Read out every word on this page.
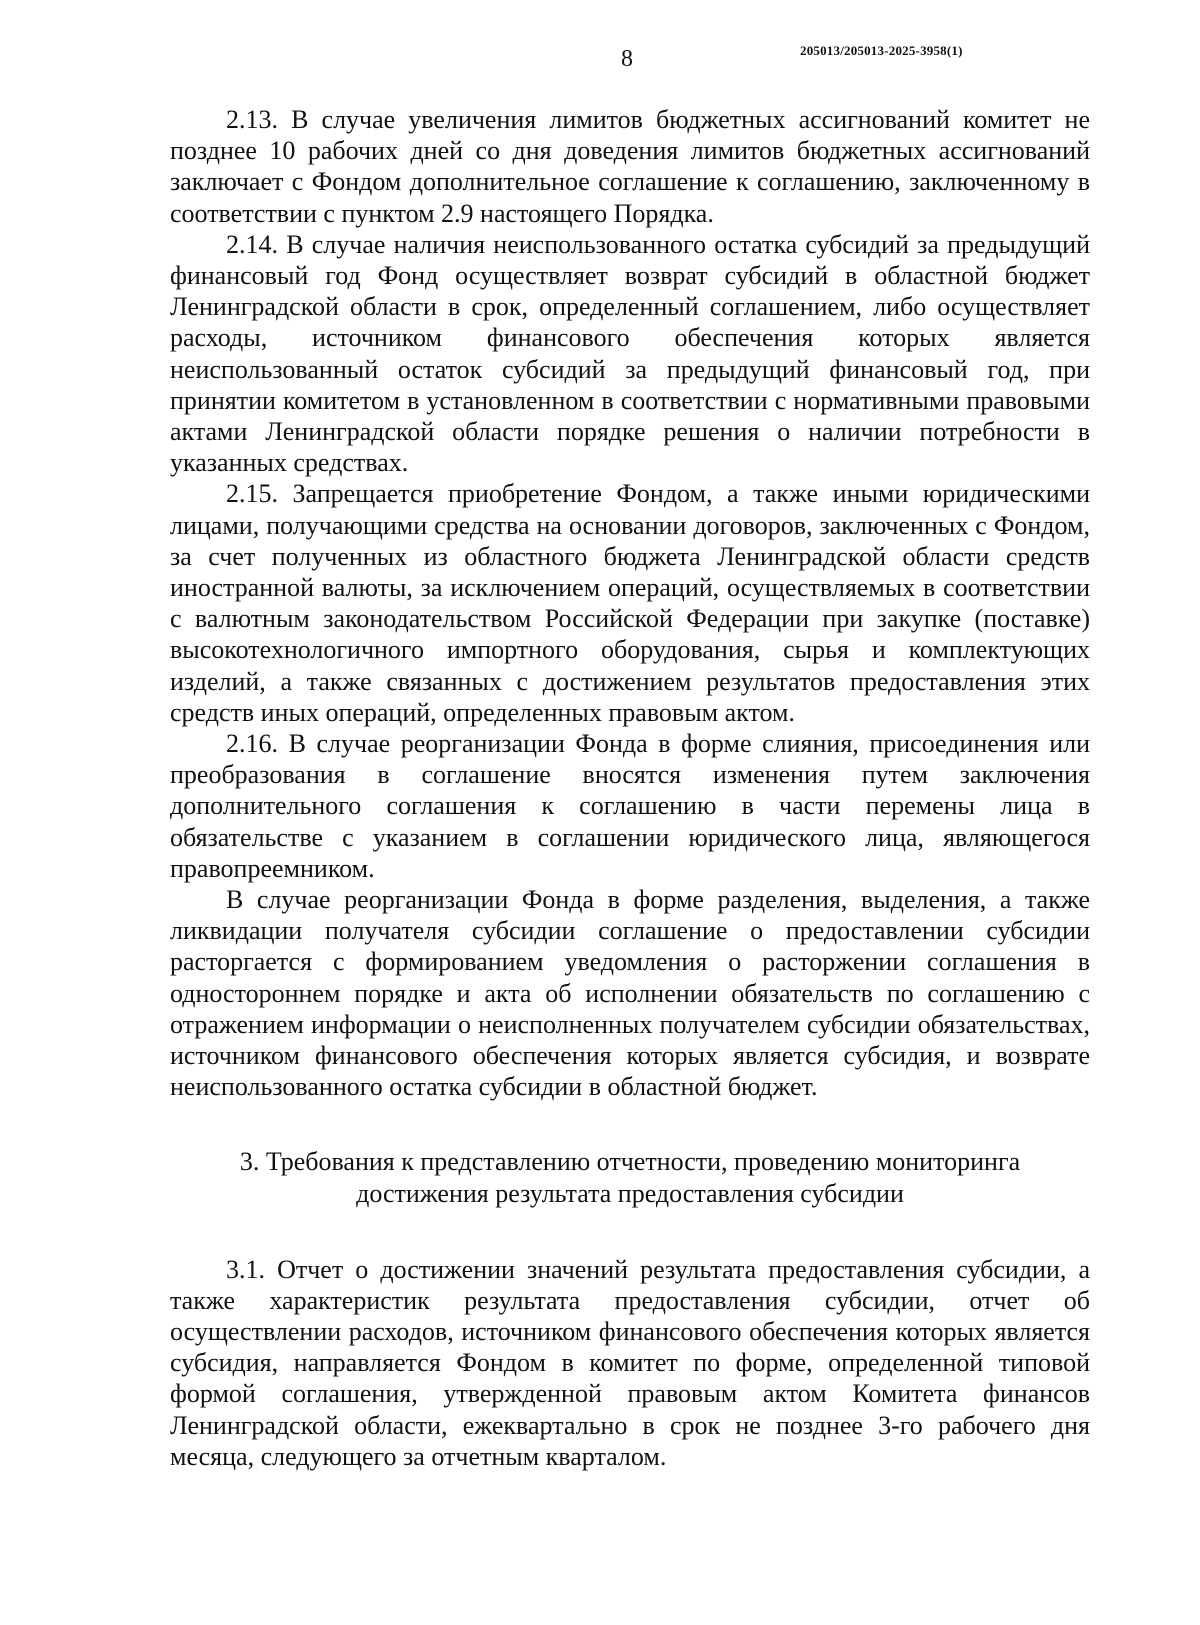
8	205013/205013-2025-3958(1)

2.13. В случае увеличения лимитов бюджетных ассигнований комитет не позднее 10 рабочих дней со дня доведения лимитов бюджетных ассигнований заключает с Фондом дополнительное соглашение к соглашению, заключенному в соответствии с пунктом 2.9 настоящего Порядка.

2.14. В случае наличия неиспользованного остатка субсидий за предыдущий финансовый год Фонд осуществляет возврат субсидий в областной бюджет Ленинградской области в срок, определенный соглашением, либо осуществляет расходы, источником финансового обеспечения которых является неиспользованный остаток субсидий за предыдущий финансовый год, при принятии комитетом в установленном в соответствии с нормативными правовыми актами Ленинградской области порядке решения о наличии потребности в указанных средствах.

2.15. Запрещается приобретение Фондом, а также иными юридическими лицами, получающими средства на основании договоров, заключенных с Фондом, за счет полученных из областного бюджета Ленинградской области средств иностранной валюты, за исключением операций, осуществляемых в соответствии с валютным законодательством Российской Федерации при закупке (поставке) высокотехнологичного импортного оборудования, сырья и комплектующих изделий, а также связанных с достижением результатов предоставления этих средств иных операций, определенных правовым актом.

2.16. В случае реорганизации Фонда в форме слияния, присоединения или преобразования в соглашение вносятся изменения путем заключения дополнительного соглашения к соглашению в части перемены лица в обязательстве с указанием в соглашении юридического лица, являющегося правопреемником.

В случае реорганизации Фонда в форме разделения, выделения, а также ликвидации получателя субсидии соглашение о предоставлении субсидии расторгается с формированием уведомления о расторжении соглашения в одностороннем порядке и акта об исполнении обязательств по соглашению с отражением информации о неисполненных получателем субсидии обязательствах, источником финансового обеспечения которых является субсидия, и возврате неиспользованного остатка субсидии в областной бюджет.

3. Требования к представлению отчетности, проведению мониторинга
достижения результата предоставления субсидии

3.1. Отчет о достижении значений результата предоставления субсидии, а также характеристик результата предоставления субсидии, отчет об осуществлении расходов, источником финансового обеспечения которых является субсидия, направляется Фондом в комитет по форме, определенной типовой формой соглашения, утвержденной правовым актом Комитета финансов Ленинградской области, ежеквартально в срок не позднее 3-го рабочего дня месяца, следующего за отчетным кварталом.
